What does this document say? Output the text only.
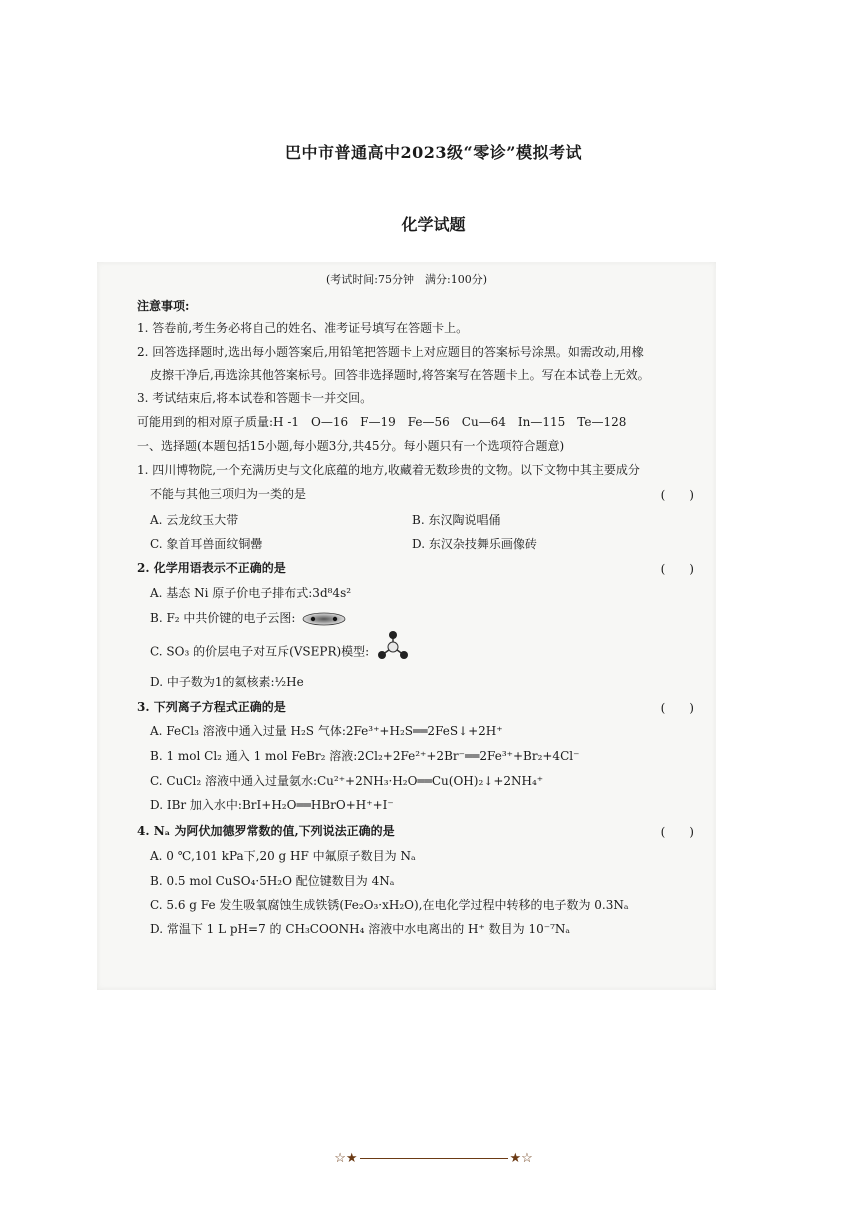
巴中市普通高中2023级“零诊”模拟考试
化学试题
(考试时间:75分钟　满分:100分)
注意事项:
1. 答卷前,考生务必将自己的姓名、准考证号填写在答题卡上。
2. 回答选择题时,选出每小题答案后,用铅笔把答题卡上对应题目的答案标号涂黑。如需改动,用橡
皮擦干净后,再选涂其他答案标号。回答非选择题时,将答案写在答题卡上。写在本试卷上无效。
3. 考试结束后,将本试卷和答题卡一并交回。
可能用到的相对原子质量:H -1　O—16　F—19　Fe—56　Cu—64　In—115　Te—128
一、选择题(本题包括15小题,每小题3分,共45分。每小题只有一个选项符合题意)
1. 四川博物院,一个充满历史与文化底蕴的地方,收藏着无数珍贵的文物。以下文物中其主要成分
不能与其他三项归为一类的是	(　　)
A. 云龙纹玉大带	B. 东汉陶说唱俑
C. 象首耳兽面纹铜罍	D. 东汉杂技舞乐画像砖
2. 化学用语表示不正确的是	(　　)
A. 基态 Ni 原子价电子排布式:3d⁸4s²
B. F₂ 中共价键的电子云图:
C. SO₃ 的价层电子对互斥(VSEPR)模型:
D. 中子数为1的氦核素:½He
3. 下列离子方程式正确的是	(　　)
A. FeCl₃ 溶液中通入过量 H₂S 气体:2Fe³⁺+H₂S══2FeS↓+2H⁺
B. 1 mol Cl₂ 通入 1 mol FeBr₂ 溶液:2Cl₂+2Fe²⁺+2Br⁻══2Fe³⁺+Br₂+4Cl⁻
C. CuCl₂ 溶液中通入过量氨水:Cu²⁺+2NH₃·H₂O══Cu(OH)₂↓+2NH₄⁺
D. IBr 加入水中:BrI+H₂O══HBrO+H⁺+I⁻
4. Nₐ 为阿伏加德罗常数的值,下列说法正确的是	(　　)
A. 0 ℃,101 kPa下,20 g HF 中氟原子数目为 Nₐ
B. 0.5 mol CuSO₄·5H₂O 配位键数目为 4Nₐ
C. 5.6 g Fe 发生吸氧腐蚀生成铁锈(Fe₂O₃·xH₂O),在电化学过程中转移的电子数为 0.3Nₐ
D. 常温下 1 L pH=7 的 CH₃COONH₄ 溶液中水电离出的 H⁺ 数目为 10⁻⁷Nₐ
☆★	★☆
